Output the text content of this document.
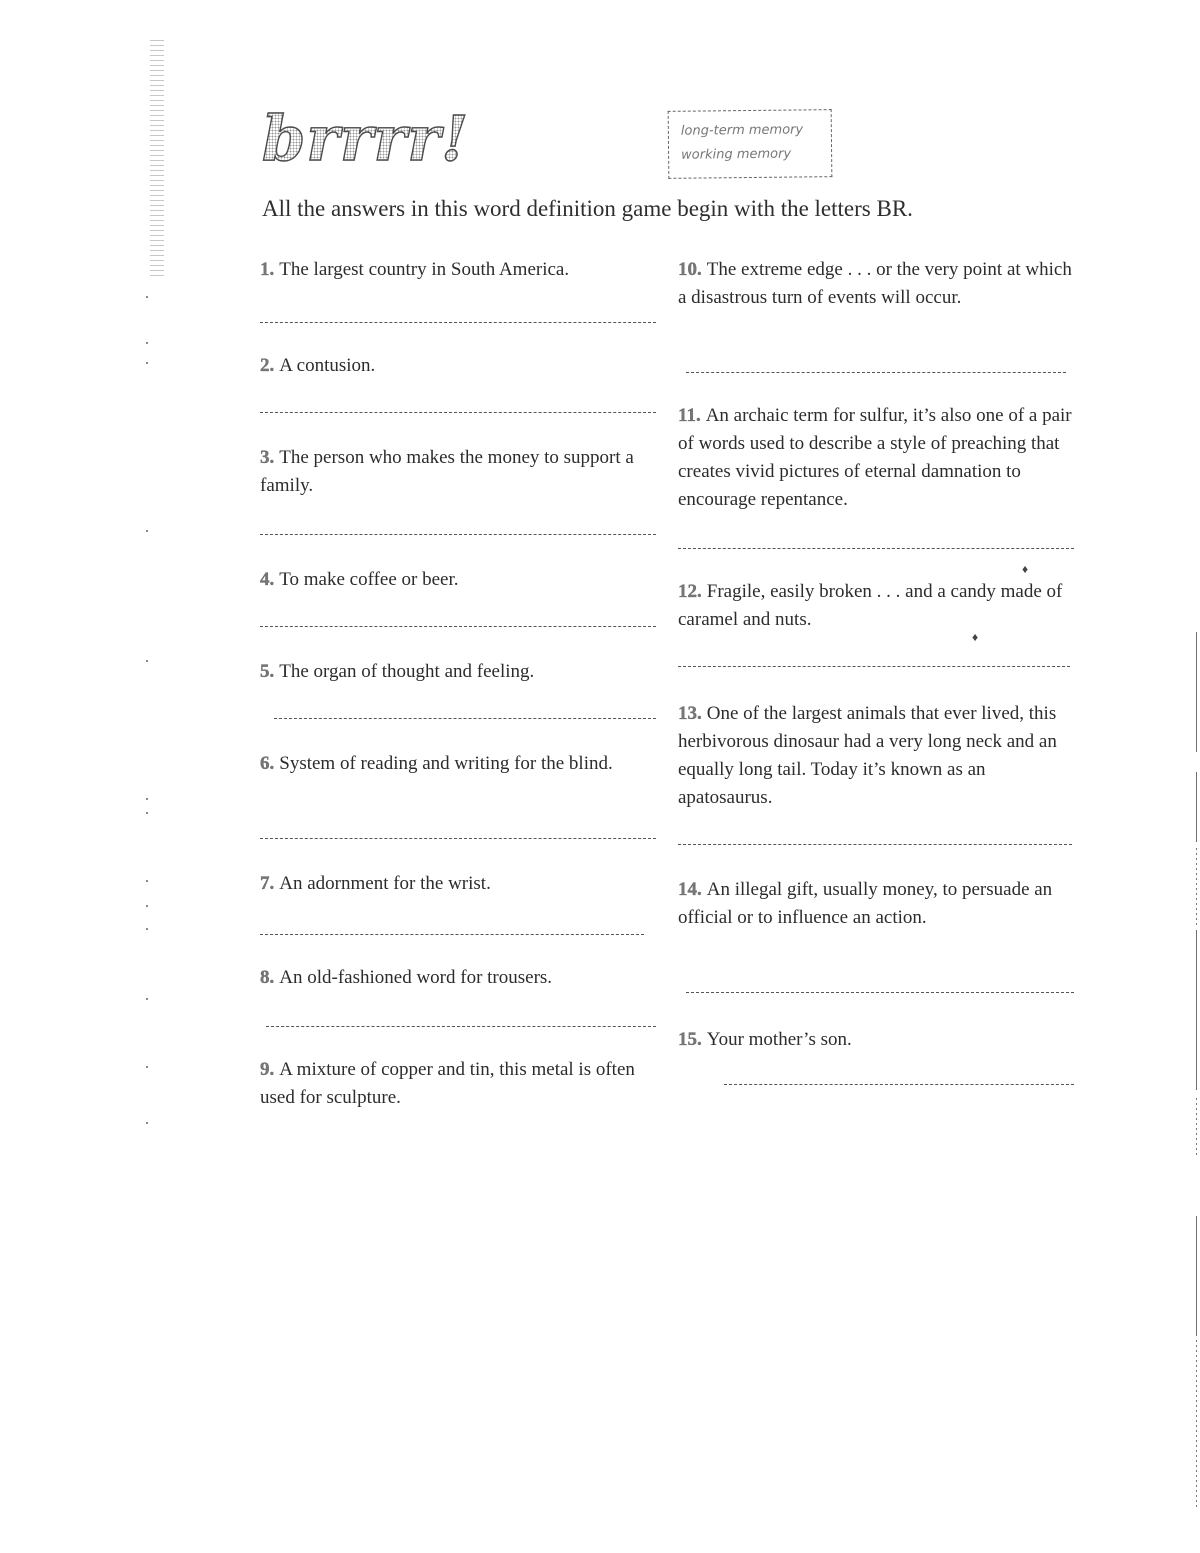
brrrr!	long-term memory
working memory
All the answers in this word definition game begin with the letters BR.
1. The largest country in South America.
2. A contusion.
3. The person who makes the money to support a family.
4. To make coffee or beer.
5. The organ of thought and feeling.
6. System of reading and writing for the blind.
7. An adornment for the wrist.
8. An old-fashioned word for trousers.
9. A mixture of copper and tin, this metal is often used for sculpture.
10. The extreme edge . . . or the very point at which a disastrous turn of events will occur.
11. An archaic term for sulfur, it’s also one of a pair of words used to describe a style of preaching that creates vivid pictures of eternal damnation to encourage repentance.
12. Fragile, easily broken . . . and a candy made of caramel and nuts.
♦
♦
13. One of the largest animals that ever lived, this herbivorous dinosaur had a very long neck and an equally long tail. Today it’s known as an apatosaurus.
14. An illegal gift, usually money, to persuade an official or to influence an action.
15. Your mother’s son.
